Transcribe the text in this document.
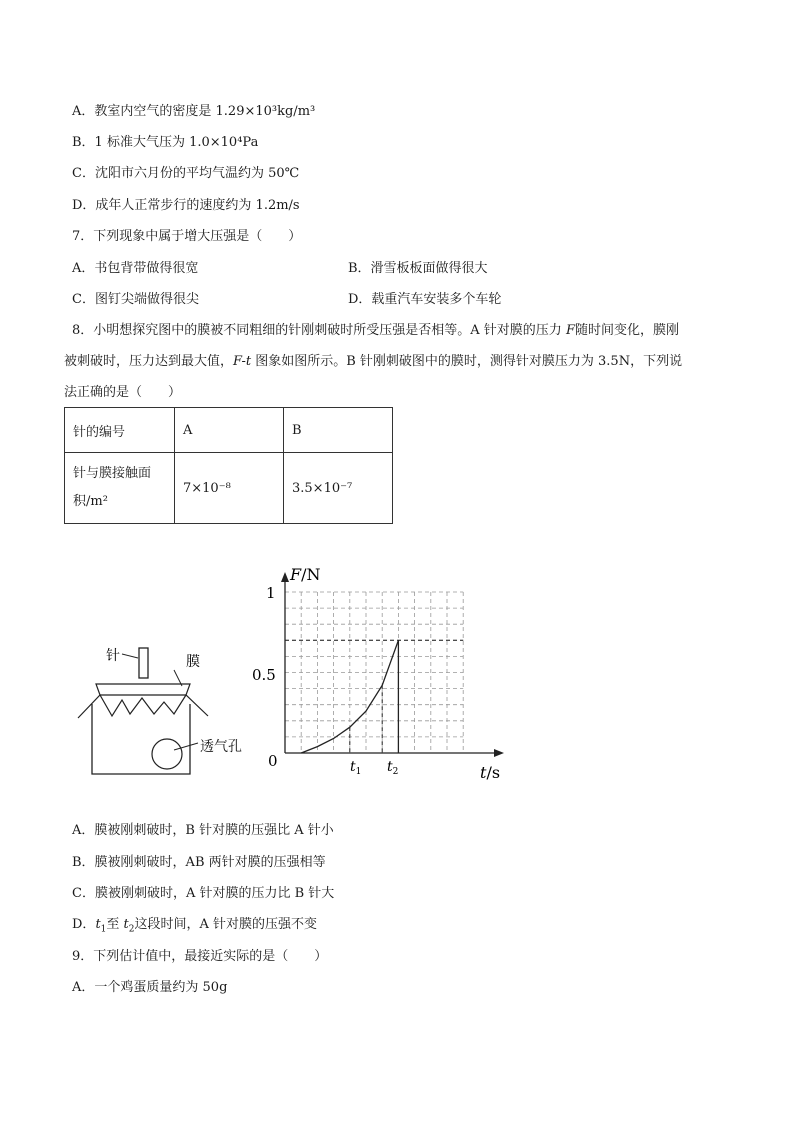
A．教室内空气的密度是 1.29×10³kg/m³
B．1 标准大气压为 1.0×10⁴Pa
C．沈阳市六月份的平均气温约为 50℃
D．成年人正常步行的速度约为 1.2m/s
7．下列现象中属于增大压强是（　　）
A．书包背带做得很宽	B．滑雪板板面做得很大
C．图钉尖端做得很尖	D．载重汽车安装多个车轮
8．小明想探究图中的膜被不同粗细的针刚刺破时所受压强是否相等。A 针对膜的压力 F随时间变化，膜刚
被刺破时，压力达到最大值，F-t 图象如图所示。B 针刚刺破图中的膜时，测得针对膜压力为 3.5N，下列说
法正确的是（　　）
针的编号	A	B

针与膜接触面
积/m²	7×10⁻⁸	3.5×10⁻⁷
针	膜
透气孔
F/N
t/s
0
0.5
1
$t_1$ $t_2$
A．膜被刚刺破时，B 针对膜的压强比 A 针小
B．膜被刚刺破时，AB 两针对膜的压强相等
C．膜被刚刺破时，A 针对膜的压力比 B 针大
D．$t_1$至 $t_2$这段时间，A 针对膜的压强不变
9．下列估计值中，最接近实际的是（　　）
A．一个鸡蛋质量约为 50g
